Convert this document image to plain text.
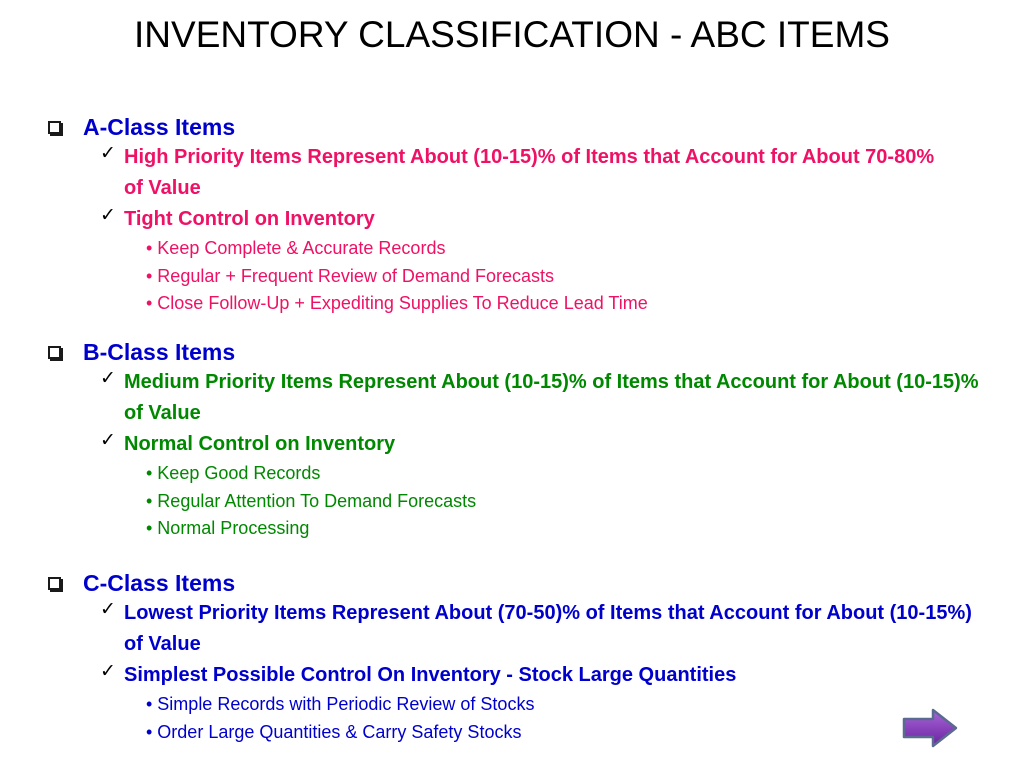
INVENTORY CLASSIFICATION - ABC ITEMS
A-Class Items
✓ High Priority Items Represent About (10-15)% of Items that Account for About 70-80% of Value
✓ Tight Control on Inventory
• Keep Complete & Accurate Records
• Regular + Frequent Review of Demand Forecasts
• Close Follow-Up + Expediting Supplies To Reduce Lead Time
B-Class Items
✓ Medium Priority Items Represent About (10-15)% of Items that Account for About (10-15)% of Value
✓ Normal Control on Inventory
• Keep Good Records
• Regular Attention To Demand Forecasts
• Normal Processing
C-Class Items
✓ Lowest Priority Items Represent About (70-50)% of Items that Account for About (10-15%) of Value
✓ Simplest Possible Control On Inventory - Stock Large Quantities
• Simple Records with Periodic Review of Stocks
• Order Large Quantities & Carry Safety Stocks
